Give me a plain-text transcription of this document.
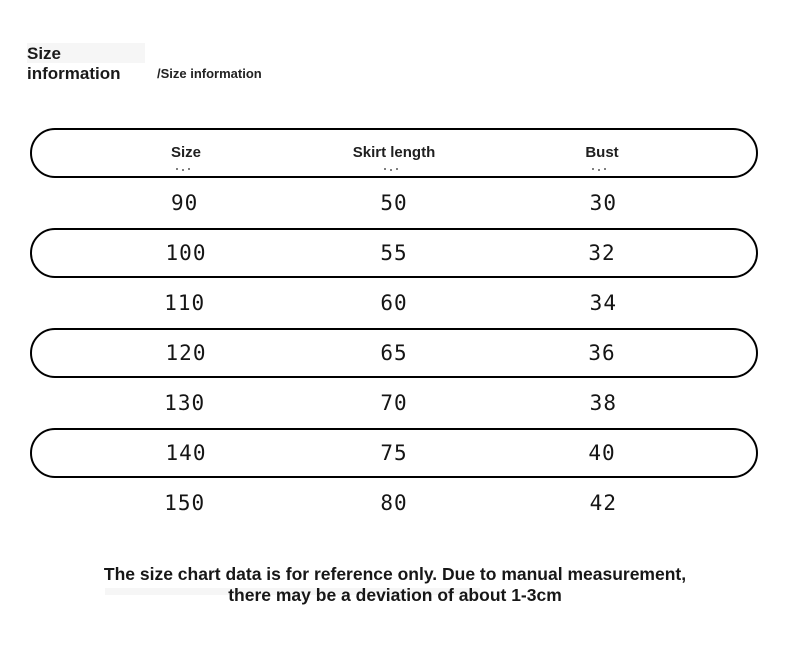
Size
information	/Size information
Size	Skirt length	Bust
90	50	30
100	55	32
110	60	34
120	65	36
130	70	38
140	75	40
150	80	42
The size chart data is for reference only. Due to manual measurement,
there may be a deviation of about 1-3cm
